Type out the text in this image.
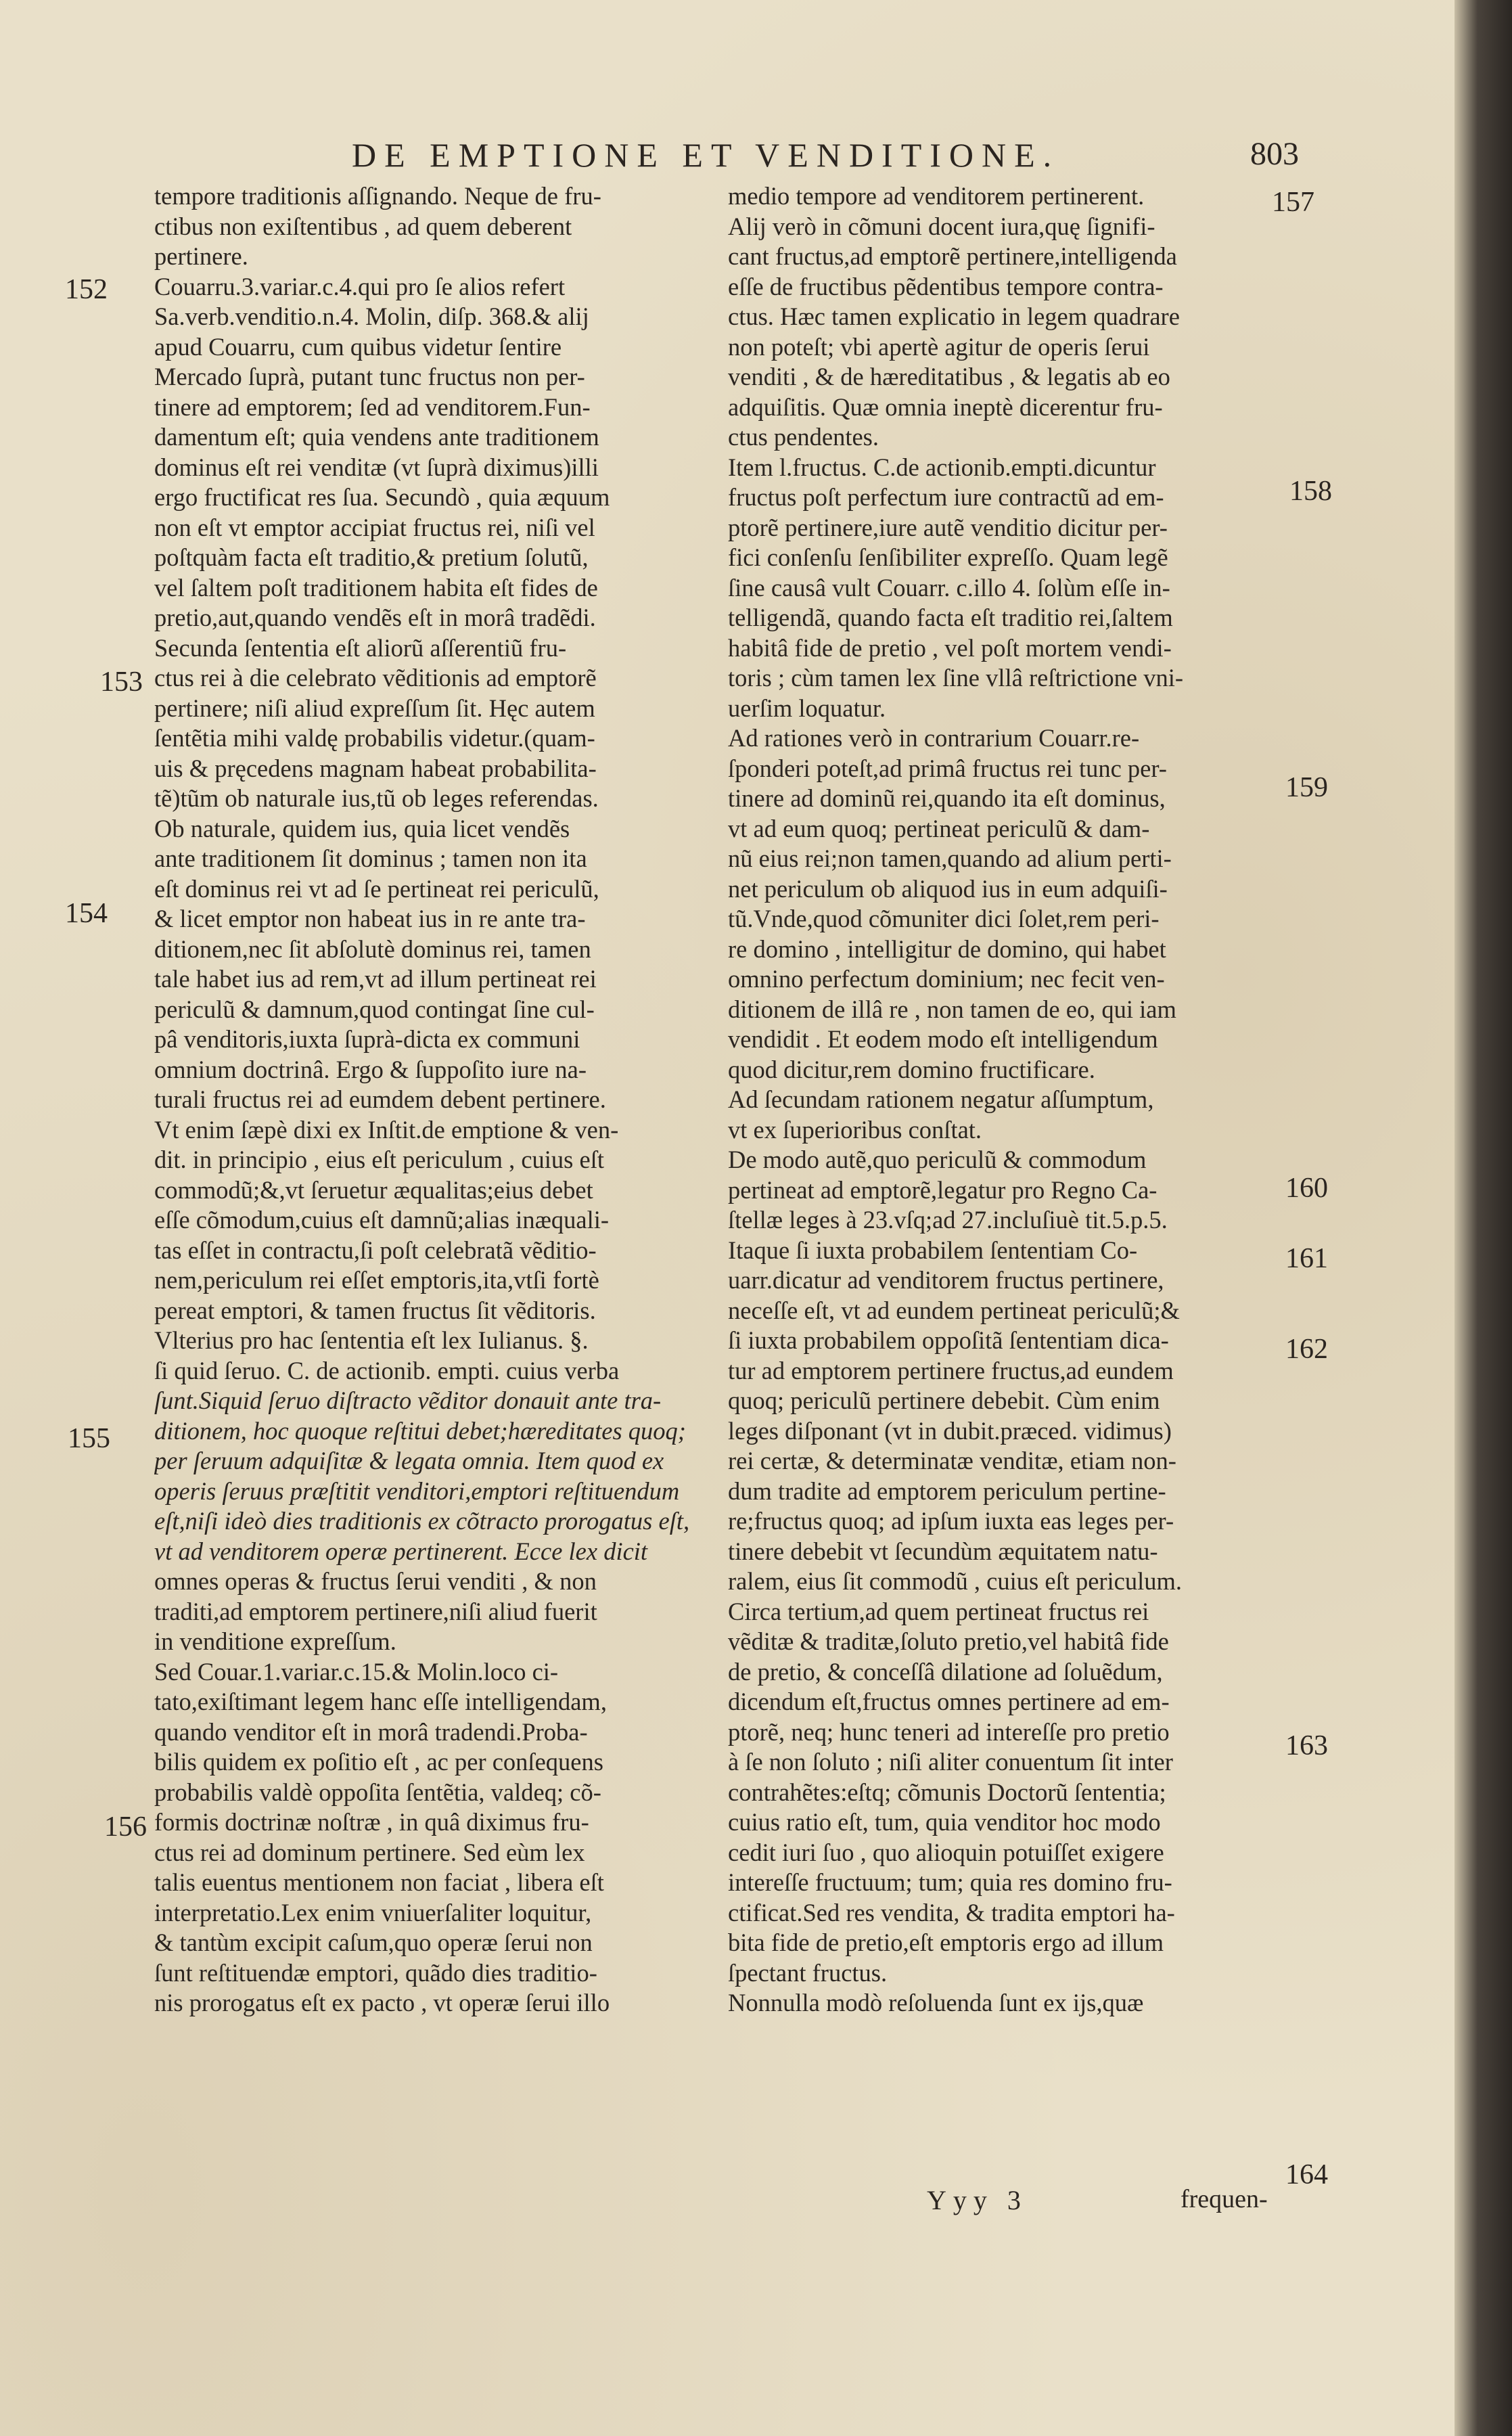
DE EMPTIONE ET VENDITIONE.	803
tempore traditionis aſſignando. Neque de fru-
ctibus non exiſtentibus , ad quem deberent
pertinere.
Couarru.3.variar.c.4.qui pro ſe alios refert
Sa.verb.venditio.n.4. Molin, diſp. 368.& alij
apud Couarru, cum quibus videtur ſentire
Mercado ſuprà, putant tunc fructus non per-
tinere ad emptorem; ſed ad venditorem.Fun-
damentum eſt; quia vendens ante traditionem
dominus eſt rei venditæ (vt ſuprà diximus)illi
ergo fructificat res ſua. Secundò , quia æquum
non eſt vt emptor accipiat fructus rei, niſi vel
poſtquàm facta eſt traditio,& pretium ſolutũ,
vel ſaltem poſt traditionem habita eſt fides de
pretio,aut,quando vendẽs eſt in morâ tradẽdi.
Secunda ſententia eſt aliorũ aſſerentiũ fru-
ctus rei à die celebrato vẽditionis ad emptorẽ
pertinere; niſi aliud expreſſum ſit. Hęc autem
ſentẽtia mihi valdę probabilis videtur.(quam-
uis & pręcedens magnam habeat probabilita-
tẽ)tũm ob naturale ius,tũ ob leges referendas.
Ob naturale, quidem ius, quia licet vendẽs
ante traditionem ſit dominus ; tamen non ita
eſt dominus rei vt ad ſe pertineat rei periculũ,
& licet emptor non habeat ius in re ante tra-
ditionem,nec ſit abſolutè dominus rei, tamen
tale habet ius ad rem,vt ad illum pertineat rei
periculũ & damnum,quod contingat ſine cul-
pâ venditoris,iuxta ſuprà-dicta ex communi
omnium doctrinâ. Ergo & ſuppoſito iure na-
turali fructus rei ad eumdem debent pertinere.
Vt enim ſæpè dixi ex Inſtit.de emptione & ven-
dit. in principio , eius eſt periculum , cuius eſt
commodũ;&,vt ſeruetur æqualitas;eius debet
eſſe cõmodum,cuius eſt damnũ;alias inæquali-
tas eſſet in contractu,ſi poſt celebratã vẽditio-
nem,periculum rei eſſet emptoris,ita,vtſi fortè
pereat emptori, & tamen fructus ſit vẽditoris.
Vlterius pro hac ſententia eſt lex Iulianus. §.
ſi quid ſeruo. C. de actionib. empti. cuius verba
ſunt.Siquid ſeruo diſtracto vẽditor donauit ante tra-
ditionem, hoc quoque reſtitui debet;hæreditates quoq;
per ſeruum adquiſitæ & legata omnia. Item quod ex
operis ſeruus præſtitit venditori,emptori reſtituendum
eſt,niſi ideò dies traditionis ex cõtracto prorogatus eſt,
vt ad venditorem operæ pertinerent. Ecce lex dicit
omnes operas & fructus ſerui venditi , & non
traditi,ad emptorem pertinere,niſi aliud fuerit
in venditione expreſſum.
Sed Couar.1.variar.c.15.& Molin.loco ci-
tato,exiſtimant legem hanc eſſe intelligendam,
quando venditor eſt in morâ tradendi.Proba-
bilis quidem ex poſitio eſt , ac per conſequens
probabilis valdè oppoſita ſentẽtia, valdeq; cõ-
formis doctrinæ noſtræ , in quâ diximus fru-
ctus rei ad dominum pertinere. Sed eùm lex
talis euentus mentionem non faciat , libera eſt
interpretatio.Lex enim vniuerſaliter loquitur,
& tantùm excipit caſum,quo operæ ſerui non
ſunt reſtituendæ emptori, quãdo dies traditio-
nis prorogatus eſt ex pacto , vt operæ ſerui illo
medio tempore ad venditorem pertinerent.
Alij verò in cõmuni docent iura,quę ſignifi-
cant fructus,ad emptorẽ pertinere,intelligenda
eſſe de fructibus pẽdentibus tempore contra-
ctus. Hæc tamen explicatio in legem quadrare
non poteſt; vbi apertè agitur de operis ſerui
venditi , & de hæreditatibus , & legatis ab eo
adquiſitis. Quæ omnia ineptè dicerentur fru-
ctus pendentes.
Item l.fructus. C.de actionib.empti.dicuntur
fructus poſt perfectum iure contractũ ad em-
ptorẽ pertinere,iure autẽ venditio dicitur per-
fici conſenſu ſenſibiliter expreſſo. Quam legẽ
ſine causâ vult Couarr. c.illo 4. ſolùm eſſe in-
telligendã, quando facta eſt traditio rei,ſaltem
habitâ fide de pretio , vel poſt mortem vendi-
toris ; cùm tamen lex ſine vllâ reſtrictione vni-
uerſim loquatur.
Ad rationes verò in contrarium Couarr.re-
ſponderi poteſt,ad primâ fructus rei tunc per-
tinere ad dominũ rei,quando ita eſt dominus,
vt ad eum quoq; pertineat periculũ & dam-
nũ eius rei;non tamen,quando ad alium perti-
net periculum ob aliquod ius in eum adquiſi-
tũ.Vnde,quod cõmuniter dici ſolet,rem peri-
re domino , intelligitur de domino, qui habet
omnino perfectum dominium; nec fecit ven-
ditionem de illâ re , non tamen de eo, qui iam
vendidit . Et eodem modo eſt intelligendum
quod dicitur,rem domino fructificare.
Ad ſecundam rationem negatur aſſumptum,
vt ex ſuperioribus conſtat.
De modo autẽ,quo periculũ & commodum
pertineat ad emptorẽ,legatur pro Regno Ca-
ſtellæ leges à 23.vſq;ad 27.incluſiuè tit.5.p.5.
Itaque ſi iuxta probabilem ſententiam Co-
uarr.dicatur ad venditorem fructus pertinere,
neceſſe eſt, vt ad eundem pertineat periculũ;&
ſi iuxta probabilem oppoſitã ſententiam dica-
tur ad emptorem pertinere fructus,ad eundem
quoq; periculũ pertinere debebit. Cùm enim
leges diſponant (vt in dubit.præced. vidimus)
rei certæ, & determinatæ venditæ, etiam non-
dum tradite ad emptorem periculum pertine-
re;fructus quoq; ad ipſum iuxta eas leges per-
tinere debebit vt ſecundùm æquitatem natu-
ralem, eius ſit commodũ , cuius eſt periculum.
Circa tertium,ad quem pertineat fructus rei
vẽditæ & traditæ,ſoluto pretio,vel habitâ fide
de pretio, & conceſſâ dilatione ad ſoluẽdum,
dicendum eſt,fructus omnes pertinere ad em-
ptorẽ, neq; hunc teneri ad intereſſe pro pretio
à ſe non ſoluto ; niſi aliter conuentum ſit inter
contrahẽtes:eſtq; cõmunis Doctorũ ſententia;
cuius ratio eſt, tum, quia venditor hoc modo
cedit iuri ſuo , quo alioquin potuiſſet exigere
intereſſe fructuum; tum; quia res domino fru-
ctificat.Sed res vendita, & tradita emptori ha-
bita fide de pretio,eſt emptoris ergo ad illum
ſpectant fructus.
Nonnulla modò reſoluenda ſunt ex ijs,quæ
152
153
154
155
156
157
158
159
160
161
162
163
164
Yyy 3	frequen-
